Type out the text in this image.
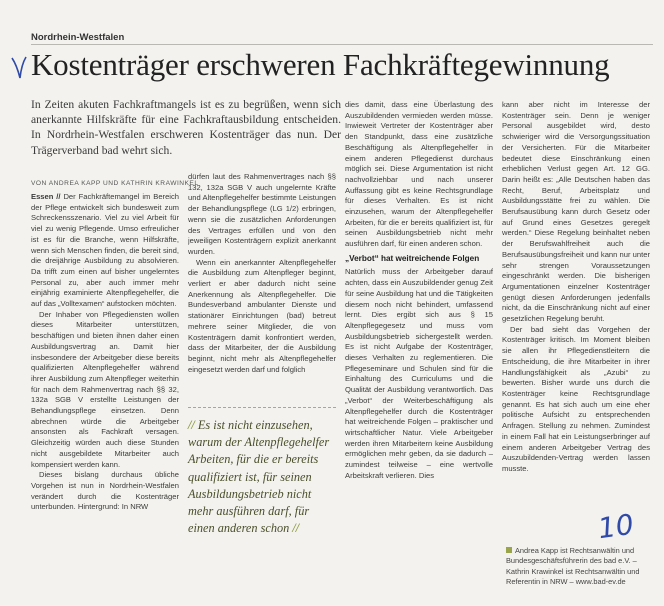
Nordrhein-Westfalen
Kostenträger erschweren Fachkräftegewinnung
In Zeiten akuten Fachkraftmangels ist es zu begrüßen, wenn sich anerkannte Hilfskräfte für eine Fachkraftausbildung entscheiden. In Nordrhein-Westfalen erschweren Kostenträger das nun. Der Trägerverband bad wehrt sich.
VON ANDREA KAPP UND KATHRIN KRAWINKEL

Essen // Der Fachkräftemangel im Bereich der Pflege entwickelt sich bundesweit zum Schreckensszenario. Viel zu viel Arbeit für viel zu wenig Pflegende. Umso erfreulicher ist es für die Branche, wenn Hilfskräfte, wenn sich Menschen finden, die bereit sind, die dreijährige Ausbildung zu absolvieren. Da trifft zum einen auf bisher ungelerntes Personal zu, aber auch immer mehr einjährig examinierte Altenpflegehelfer, die auf das „Volltexamen“ aufstocken möchten.

Der Inhaber von Pflegediensten wollen dieses Mitarbeiter unterstützen, beschäftigen und bieten ihnen daher einen Ausbildungsvertrag an. Damit hier insbesondere der Arbeitgeber diese bereits qualifizierten Altenpflegehelfer während ihrer Ausbildung zum Altenpfleger weiterhin für nach dem Rahmenvertrag nach §§ 32, 132a SGB V erstellte Leistungen der Behandlungspflege einsetzen. Denn abrechnen würde die Arbeitgeber ansonsten als Fachkraft versagen. Gleichzeitig würden auch diese Stunden nicht ausgebildete Mitarbeiter auch kompensiert werden kann.

Dieses bislang durchaus übliche Vorgehen ist nun in Nordrhein-Westfalen verändert durch die Kostenträger unterbunden. Hintergrund: In NRW

dürfen laut des Rahmenvertrages nach §§ 132, 132a SGB V auch ungelernte Kräfte und Altenpflegehelfer bestimmte Leistungen der Behandlungspflege (LG 1/2) erbringen, wenn sie die zusätzlichen Anforderungen des Vertrages erfüllen und von den jeweiligen Kostenträgern explizit anerkannt wurden.

Wenn ein anerkannter Altenpflegehelfer die Ausbildung zum Altenpfleger beginnt, verliert er aber dadurch nicht seine Anerkennung als Altenpflegehelfer. Die Bundesverband ambulanter Dienste und stationärer Einrichtungen (bad) betreut mehrere seiner Mitglieder, die von Kostenträgern damit konfrontiert werden, dass der Mitarbeiter, der die Ausbildung beginnt, nicht mehr als Altenpflegehelfer eingesetzt werden darf und folglich

// Es ist nicht einzusehen, warum der Altenpflegehelfer Arbeiten, für die er bereits qualifiziert ist, für seinen Ausbildungsbetrieb nicht mehr ausführen darf, für einen anderen schon //

dies damit, dass eine Überlastung des Auszubildenden vermieden werden müsse. Inwieweit Vertreter der Kostenträger aber den Standpunkt, dass eine zusätzliche Beschäftigung als Altenpflegehelfer in einem anderen Pflegedienst durchaus möglich sei. Diese Argumentation ist nicht nachvollziehbar und nach unserer Auffassung gibt es keine Rechtsgrundlage für dieses Verhalten. Es ist nicht einzusehen, warum der Altenpflegehelfer Arbeiten, für die er bereits qualifiziert ist, für seinen Ausbildungsbetrieb nicht mehr ausführen darf, für einen anderen schon.

„Verbot“ hat weitreichende Folgen

Natürlich muss der Arbeitgeber darauf achten, dass ein Auszubildender genug Zeit für seine Ausbildung hat und die Tätigkeiten diesem noch nicht behindert, umfassend lernt. Dies ergibt sich aus § 15 Altenpflegegesetz und muss vom Ausbildungsbetrieb sichergestellt werden. Es ist nicht Aufgabe der Kostenträger, dieses Verhalten zu reglementieren. Die Pflegeseminare und Schulen sind für die Einhaltung des Curriculums und die Qualität der Ausbildung verantwortlich. Das „Verbot“ der Weiterbeschäftigung als Altenpflegehelfer durch die Kostenträger hat weitreichende Folgen – praktischer und wirtschaftlicher Natur. Viele Arbeitgeber werden ihren Mitarbeitern keine Ausbildung ermöglichen mehr geben, da sie dadurch – zumindest teilweise – eine wertvolle Arbeitskraft verlieren. Dies

kann aber nicht im Interesse der Kostenträger sein. Denn je weniger Personal ausgebildet wird, desto schwieriger wird die Versorgungssituation der Versicherten. Für die Mitarbeiter bedeutet diese Einschränkung einen erheblichen Verlust gegen Art. 12 GG. Darin heißt es: „Alle Deutschen haben das Recht, Beruf, Arbeitsplatz und Ausbildungsstätte frei zu wählen. Die Berufsausübung kann durch Gesetz oder auf Grund eines Gesetzes geregelt werden.“ Diese Regelung beinhaltet neben der Berufswahlfreiheit auch die Berufsausübungsfreiheit und kann nur unter sehr strengen Voraussetzungen eingeschränkt werden. Die bisherigen Argumentationen einzelner Kostenträger genügt diesen Anforderungen jedenfalls nicht, da die Einschränkung nicht auf einer gesetzlichen Regelung beruht.

Der bad sieht das Vorgehen der Kostenträger kritisch. Im Moment bleiben sie allen ihr Pflegedienstleitern die Entscheidung, die ihre Mitarbeiter in ihrer Handlungsfähigkeit als „Azubi“ zu bewerten. Bisher wurde uns durch die Kostenträger keine Rechtsgrundlage genannt. Es hat sich auch um eine eher politische Aufsicht zu entsprechenden Anfragen. Stellung zu nehmen. Zumindest in einem Fall hat ein Leistungserbringer auf einem anderen Arbeitgeber Vertrag des Auszubildenden-Vertrag werden lassen musste.

10
Andrea Kapp ist Rechtsanwältin und Bundesgeschäftsführerin des bad e.V. – Kathrin Krawinkel ist Rechtsanwältin und Referentin in NRW – www.bad-ev.de
